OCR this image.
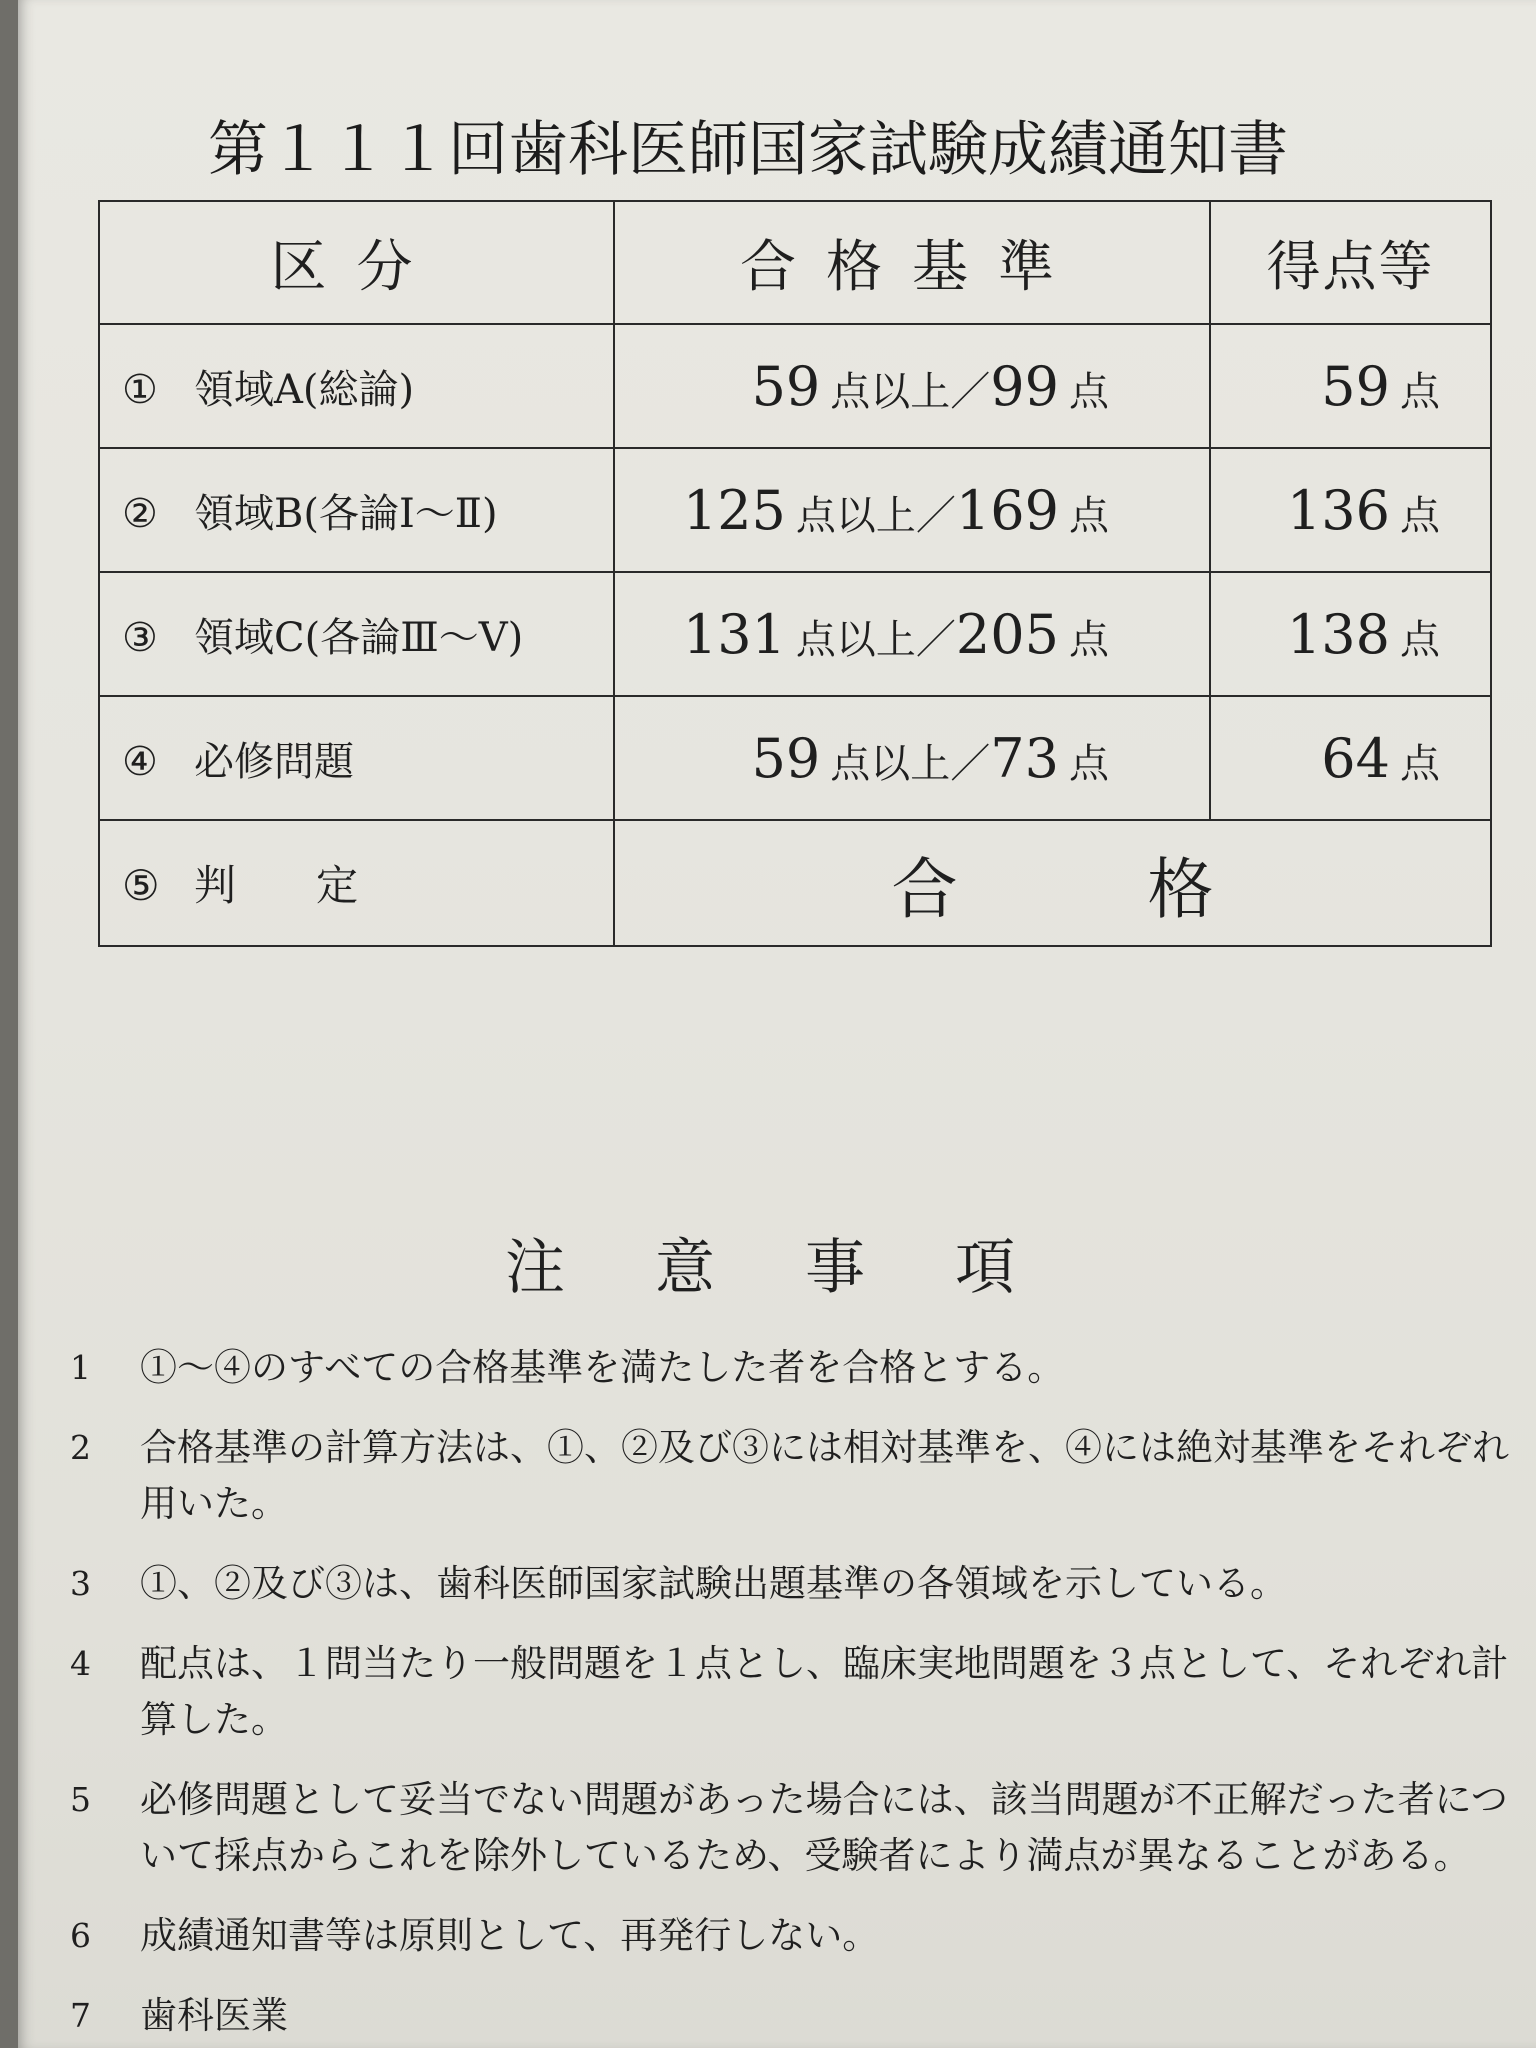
第１１１回歯科医師国家試験成績通知書
区分	合格基準	得点等
① 領域A(総論)	59 点以上／99 点	59 点
② 領域B(各論Ⅰ～Ⅱ)	125 点以上／169 点	136 点
③ 領域C(各論Ⅲ～Ⅴ)	131 点以上／205 点	138 点
④ 必修問題	59 点以上／73 点	64 点
⑤ 判 定	合格	
注意事項
1 ①～④のすべての合格基準を満たした者を合格とする。
2 合格基準の計算方法は、①、②及び③には相対基準を、④には絶対基準をそれぞれ用いた。
3 ①、②及び③は、歯科医師国家試験出題基準の各領域を示している。
4 配点は、１問当たり一般問題を１点とし、臨床実地問題を３点として、それぞれ計算した。
5 必修問題として妥当でない問題があった場合には、該当問題が不正解だった者について採点からこれを除外しているため、受験者により満点が異なることがある。
6 成績通知書等は原則として、再発行しない。
7 歯科医業
